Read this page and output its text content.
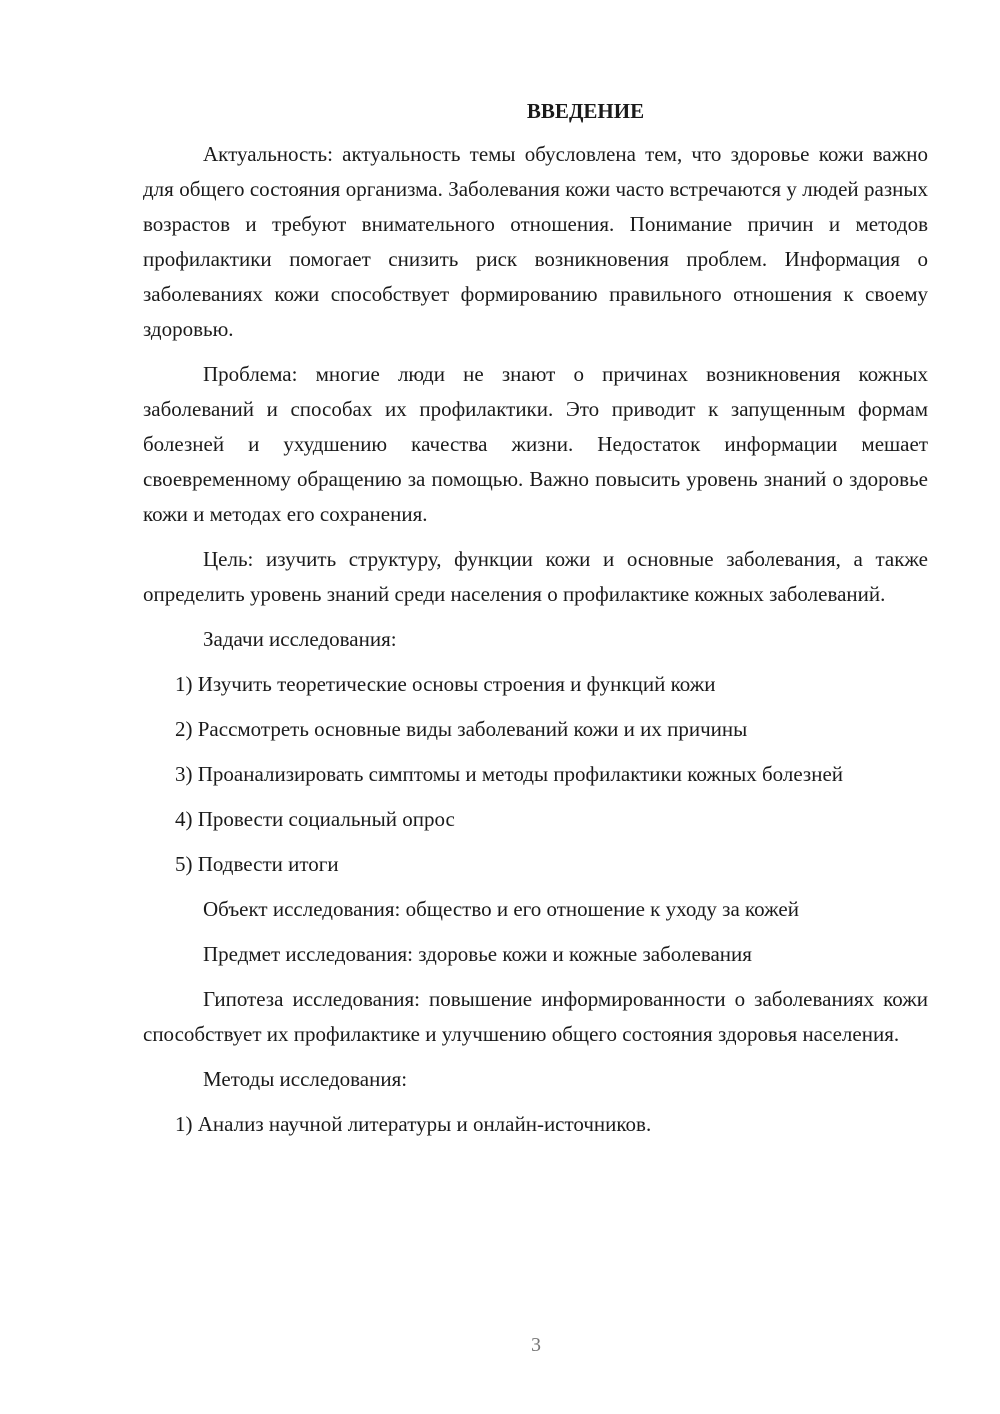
ВВЕДЕНИЕ

Актуальность: актуальность темы обусловлена тем, что здоровье кожи важно для общего состояния организма. Заболевания кожи часто встречаются у людей разных возрастов и требуют внимательного отношения. Понимание причин и методов профилактики помогает снизить риск возникновения проблем. Информация о заболеваниях кожи способствует формированию правильного отношения к своему здоровью.

Проблема: многие люди не знают о причинах возникновения кожных заболеваний и способах их профилактики. Это приводит к запущенным формам болезней и ухудшению качества жизни. Недостаток информации мешает своевременному обращению за помощью. Важно повысить уровень знаний о здоровье кожи и методах его сохранения.

Цель: изучить структуру, функции кожи и основные заболевания, а также определить уровень знаний среди населения о профилактике кожных заболеваний.

Задачи исследования:

1) Изучить теоретические основы строения и функций кожи

2) Рассмотреть основные виды заболеваний кожи и их причины

3) Проанализировать симптомы и методы профилактики кожных болезней

4) Провести социальный опрос

5) Подвести итоги

Объект исследования: общество и его отношение к уходу за кожей

Предмет исследования: здоровье кожи и кожные заболевания

Гипотеза исследования: повышение информированности о заболеваниях кожи способствует их профилактике и улучшению общего состояния здоровья населения.

Методы исследования:

1) Анализ научной литературы и онлайн-источников.

3
